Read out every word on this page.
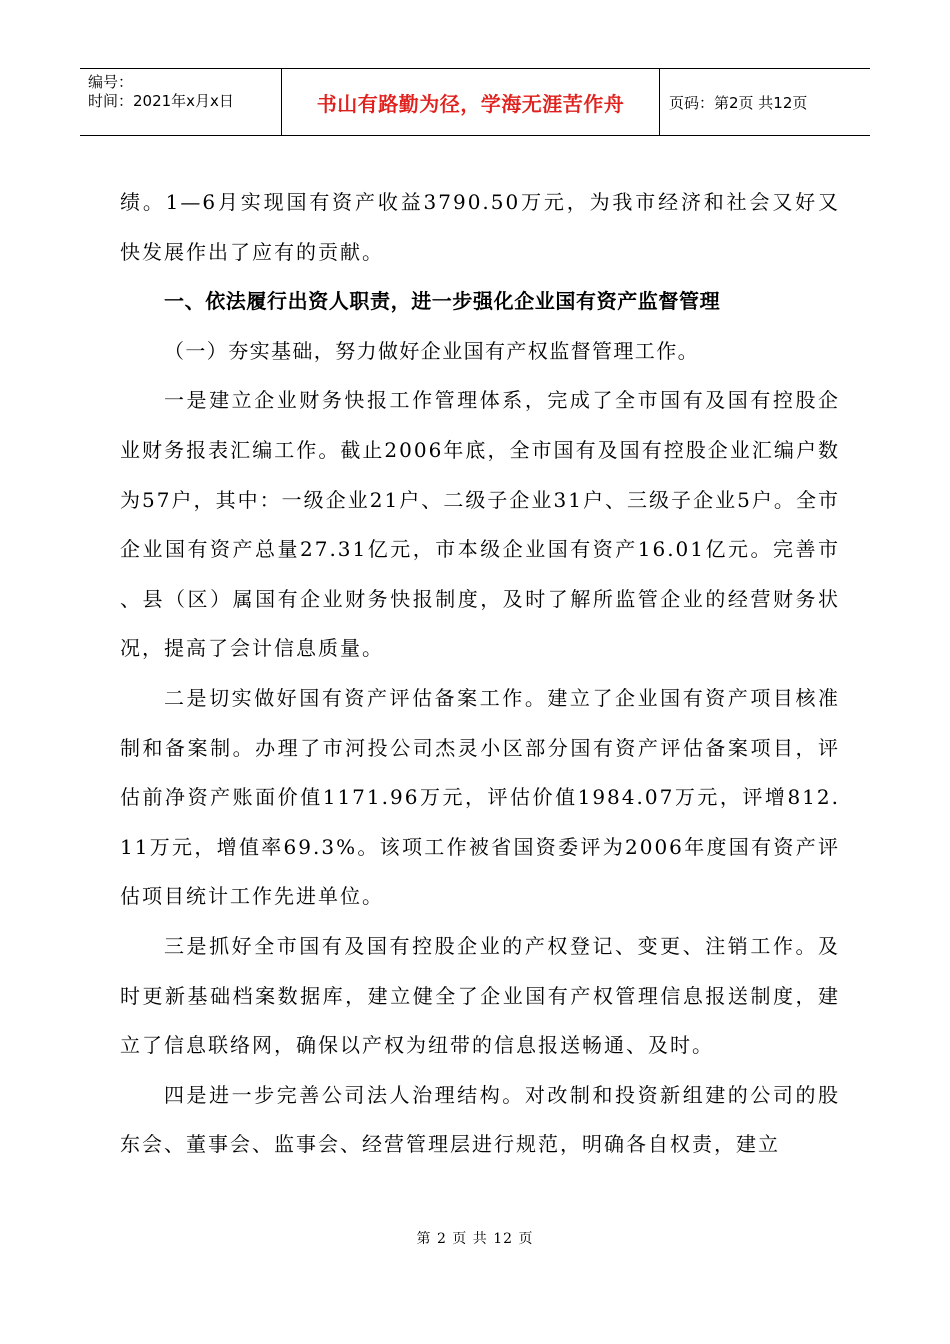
编号：
时间：2021年x月x日	书山有路勤为径，学海无涯苦作舟	页码：第2页 共12页

绩。1—6月实现国有资产收益3790.50万元，为我市经济和社会又好又快发展作出了应有的贡献。

一、依法履行出资人职责，进一步强化企业国有资产监督管理

（一）夯实基础，努力做好企业国有产权监督管理工作。

一是建立企业财务快报工作管理体系，完成了全市国有及国有控股企业财务报表汇编工作。截止2006年底，全市国有及国有控股企业汇编户数为57户，其中：一级企业21户、二级子企业31户、三级子企业5户。全市企业国有资产总量27.31亿元，市本级企业国有资产16.01亿元。完善市、县（区）属国有企业财务快报制度，及时了解所监管企业的经营财务状况，提高了会计信息质量。

二是切实做好国有资产评估备案工作。建立了企业国有资产项目核准制和备案制。办理了市河投公司杰灵小区部分国有资产评估备案项目，评估前净资产账面价值1171.96万元，评估价值1984.07万元，评增812.11万元，增值率69.3%。该项工作被省国资委评为2006年度国有资产评估项目统计工作先进单位。

三是抓好全市国有及国有控股企业的产权登记、变更、注销工作。及时更新基础档案数据库，建立健全了企业国有产权管理信息报送制度，建立了信息联络网，确保以产权为纽带的信息报送畅通、及时。

四是进一步完善公司法人治理结构。对改制和投资新组建的公司的股东会、董事会、监事会、经营管理层进行规范，明确各自权责，建立

第 2 页 共 12 页
